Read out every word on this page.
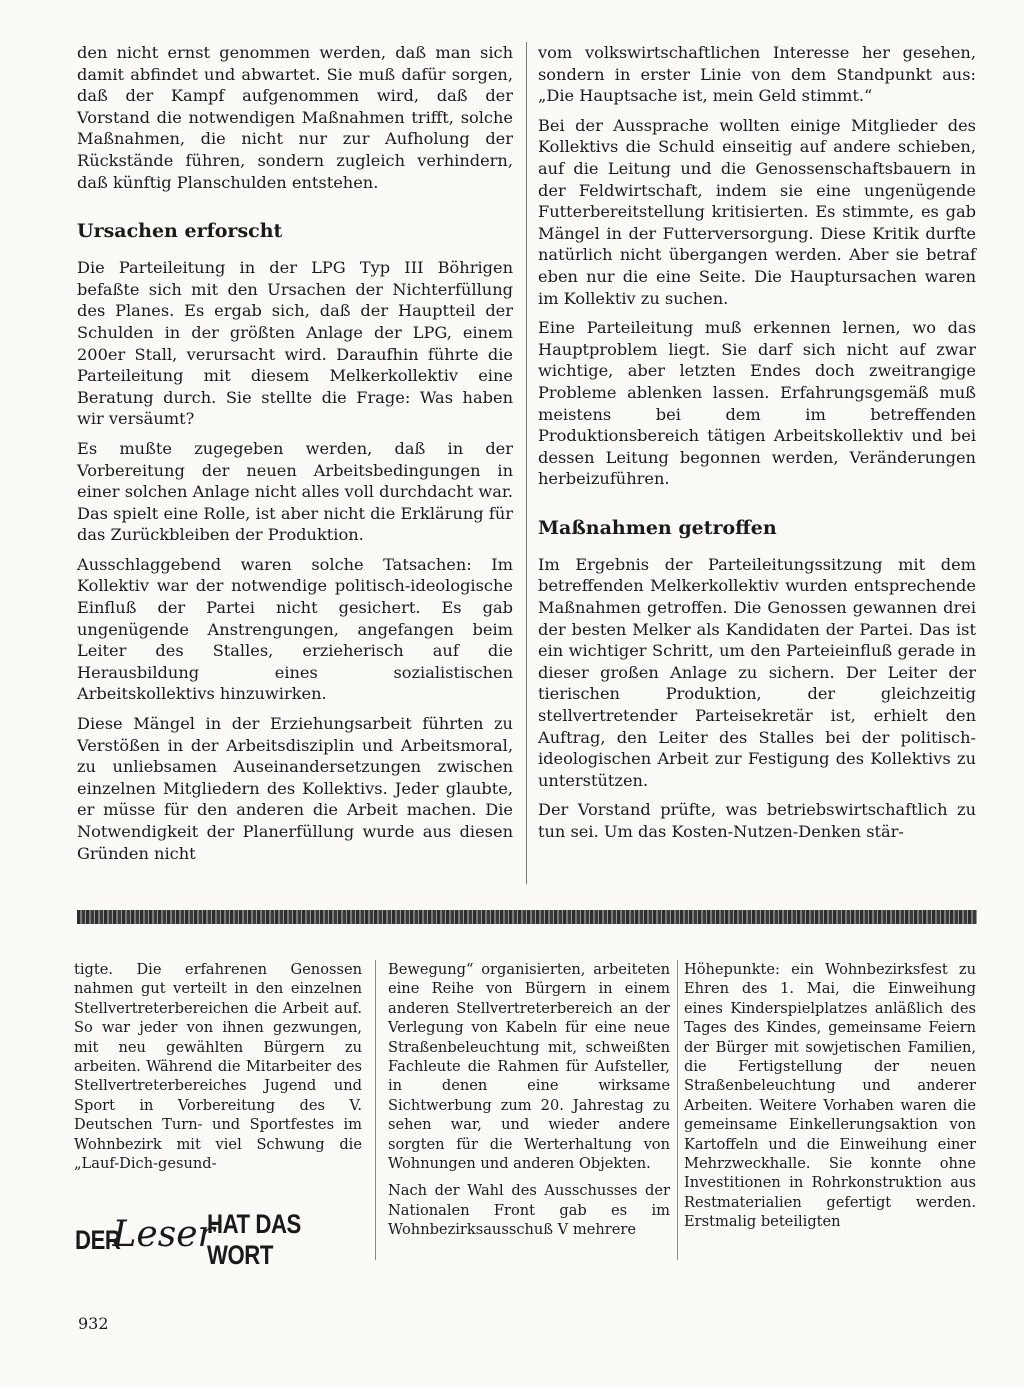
den nicht ernst genommen werden, daß man sich damit abfindet und abwartet. Sie muß dafür sorgen, daß der Kampf aufgenommen wird, daß der Vorstand die notwendigen Maßnahmen trifft, solche Maßnahmen, die nicht nur zur Aufholung der Rückstände führen, sondern zugleich verhindern, daß künftig Planschulden entstehen.

Ursachen erforscht

Die Parteileitung in der LPG Typ III Böhrigen befaßte sich mit den Ursachen der Nichterfüllung des Planes. Es ergab sich, daß der Hauptteil der Schulden in der größten Anlage der LPG, einem 200er Stall, verursacht wird. Daraufhin führte die Parteileitung mit diesem Melkerkollektiv eine Beratung durch. Sie stellte die Frage: Was haben wir versäumt?

Es mußte zugegeben werden, daß in der Vorbereitung der neuen Arbeitsbedingungen in einer solchen Anlage nicht alles voll durchdacht war. Das spielt eine Rolle, ist aber nicht die Erklärung für das Zurückbleiben der Produktion.

Ausschlaggebend waren solche Tatsachen: Im Kollektiv war der notwendige politisch-ideologische Einfluß der Partei nicht gesichert. Es gab ungenügende Anstrengungen, angefangen beim Leiter des Stalles, erzieherisch auf die Herausbildung eines sozialistischen Arbeitskollektivs hinzuwirken.

Diese Mängel in der Erziehungsarbeit führten zu Verstößen in der Arbeitsdisziplin und Arbeitsmoral, zu unliebsamen Auseinandersetzungen zwischen einzelnen Mitgliedern des Kollektivs. Jeder glaubte, er müsse für den anderen die Arbeit machen. Die Notwendigkeit der Planerfüllung wurde aus diesen Gründen nicht

vom volkswirtschaftlichen Interesse her gesehen, sondern in erster Linie von dem Standpunkt aus: „Die Hauptsache ist, mein Geld stimmt.“

Bei der Aussprache wollten einige Mitglieder des Kollektivs die Schuld einseitig auf andere schieben, auf die Leitung und die Genossenschaftsbauern in der Feldwirtschaft, indem sie eine ungenügende Futterbereitstellung kritisierten. Es stimmte, es gab Mängel in der Futterversorgung. Diese Kritik durfte natürlich nicht übergangen werden. Aber sie betraf eben nur die eine Seite. Die Hauptursachen waren im Kollektiv zu suchen.

Eine Parteileitung muß erkennen lernen, wo das Hauptproblem liegt. Sie darf sich nicht auf zwar wichtige, aber letzten Endes doch zweitrangige Probleme ablenken lassen. Erfahrungsgemäß muß meistens bei dem im betreffenden Produktionsbereich tätigen Arbeitskollektiv und bei dessen Leitung begonnen werden, Veränderungen herbeizuführen.

Maßnahmen getroffen

Im Ergebnis der Parteileitungssitzung mit dem betreffenden Melkerkollektiv wurden entsprechende Maßnahmen getroffen. Die Genossen gewannen drei der besten Melker als Kandidaten der Partei. Das ist ein wichtiger Schritt, um den Parteieinfluß gerade in dieser großen Anlage zu sichern. Der Leiter der tierischen Produktion, der gleichzeitig stellvertretender Parteisekretär ist, erhielt den Auftrag, den Leiter des Stalles bei der politisch-ideologischen Arbeit zur Festigung des Kollektivs zu unterstützen.

Der Vorstand prüfte, was betriebswirtschaftlich zu tun sei. Um das Kosten-Nutzen-Denken stär-

tigte. Die erfahrenen Genossen nahmen gut verteilt in den einzelnen Stellvertreterbereichen die Arbeit auf. So war jeder von ihnen gezwungen, mit neu gewählten Bürgern zu arbeiten. Während die Mitarbeiter des Stellvertreterbereiches Jugend und Sport in Vorbereitung des V. Deutschen Turn- und Sportfestes im Wohnbezirk mit viel Schwung die „Lauf-Dich-gesund-

Bewegung“ organisierten, arbeiteten eine Reihe von Bürgern in einem anderen Stellvertreterbereich an der Verlegung von Kabeln für eine neue Straßenbeleuchtung mit, schweißten Fachleute die Rahmen für Aufsteller, in denen eine wirksame Sichtwerbung zum 20. Jahrestag zu sehen war, und wieder andere sorgten für die Werterhaltung von Wohnungen und anderen Objekten.

Nach der Wahl des Ausschusses der Nationalen Front gab es im Wohnbezirksausschuß V mehrere

Höhepunkte: ein Wohnbezirksfest zu Ehren des 1. Mai, die Einweihung eines Kinderspielplatzes anläßlich des Tages des Kindes, gemeinsame Feiern der Bürger mit sowjetischen Familien, die Fertigstellung der neuen Straßenbeleuchtung und anderer Arbeiten. Weitere Vorhaben waren die gemeinsame Einkellerungsaktion von Kartoffeln und die Einweihung einer Mehrzweckhalle. Sie konnte ohne Investitionen in Rohrkonstruktion aus Restmaterialien gefertigt werden. Erstmalig beteiligten

DER
Leser
HAT DAS WORT
932
